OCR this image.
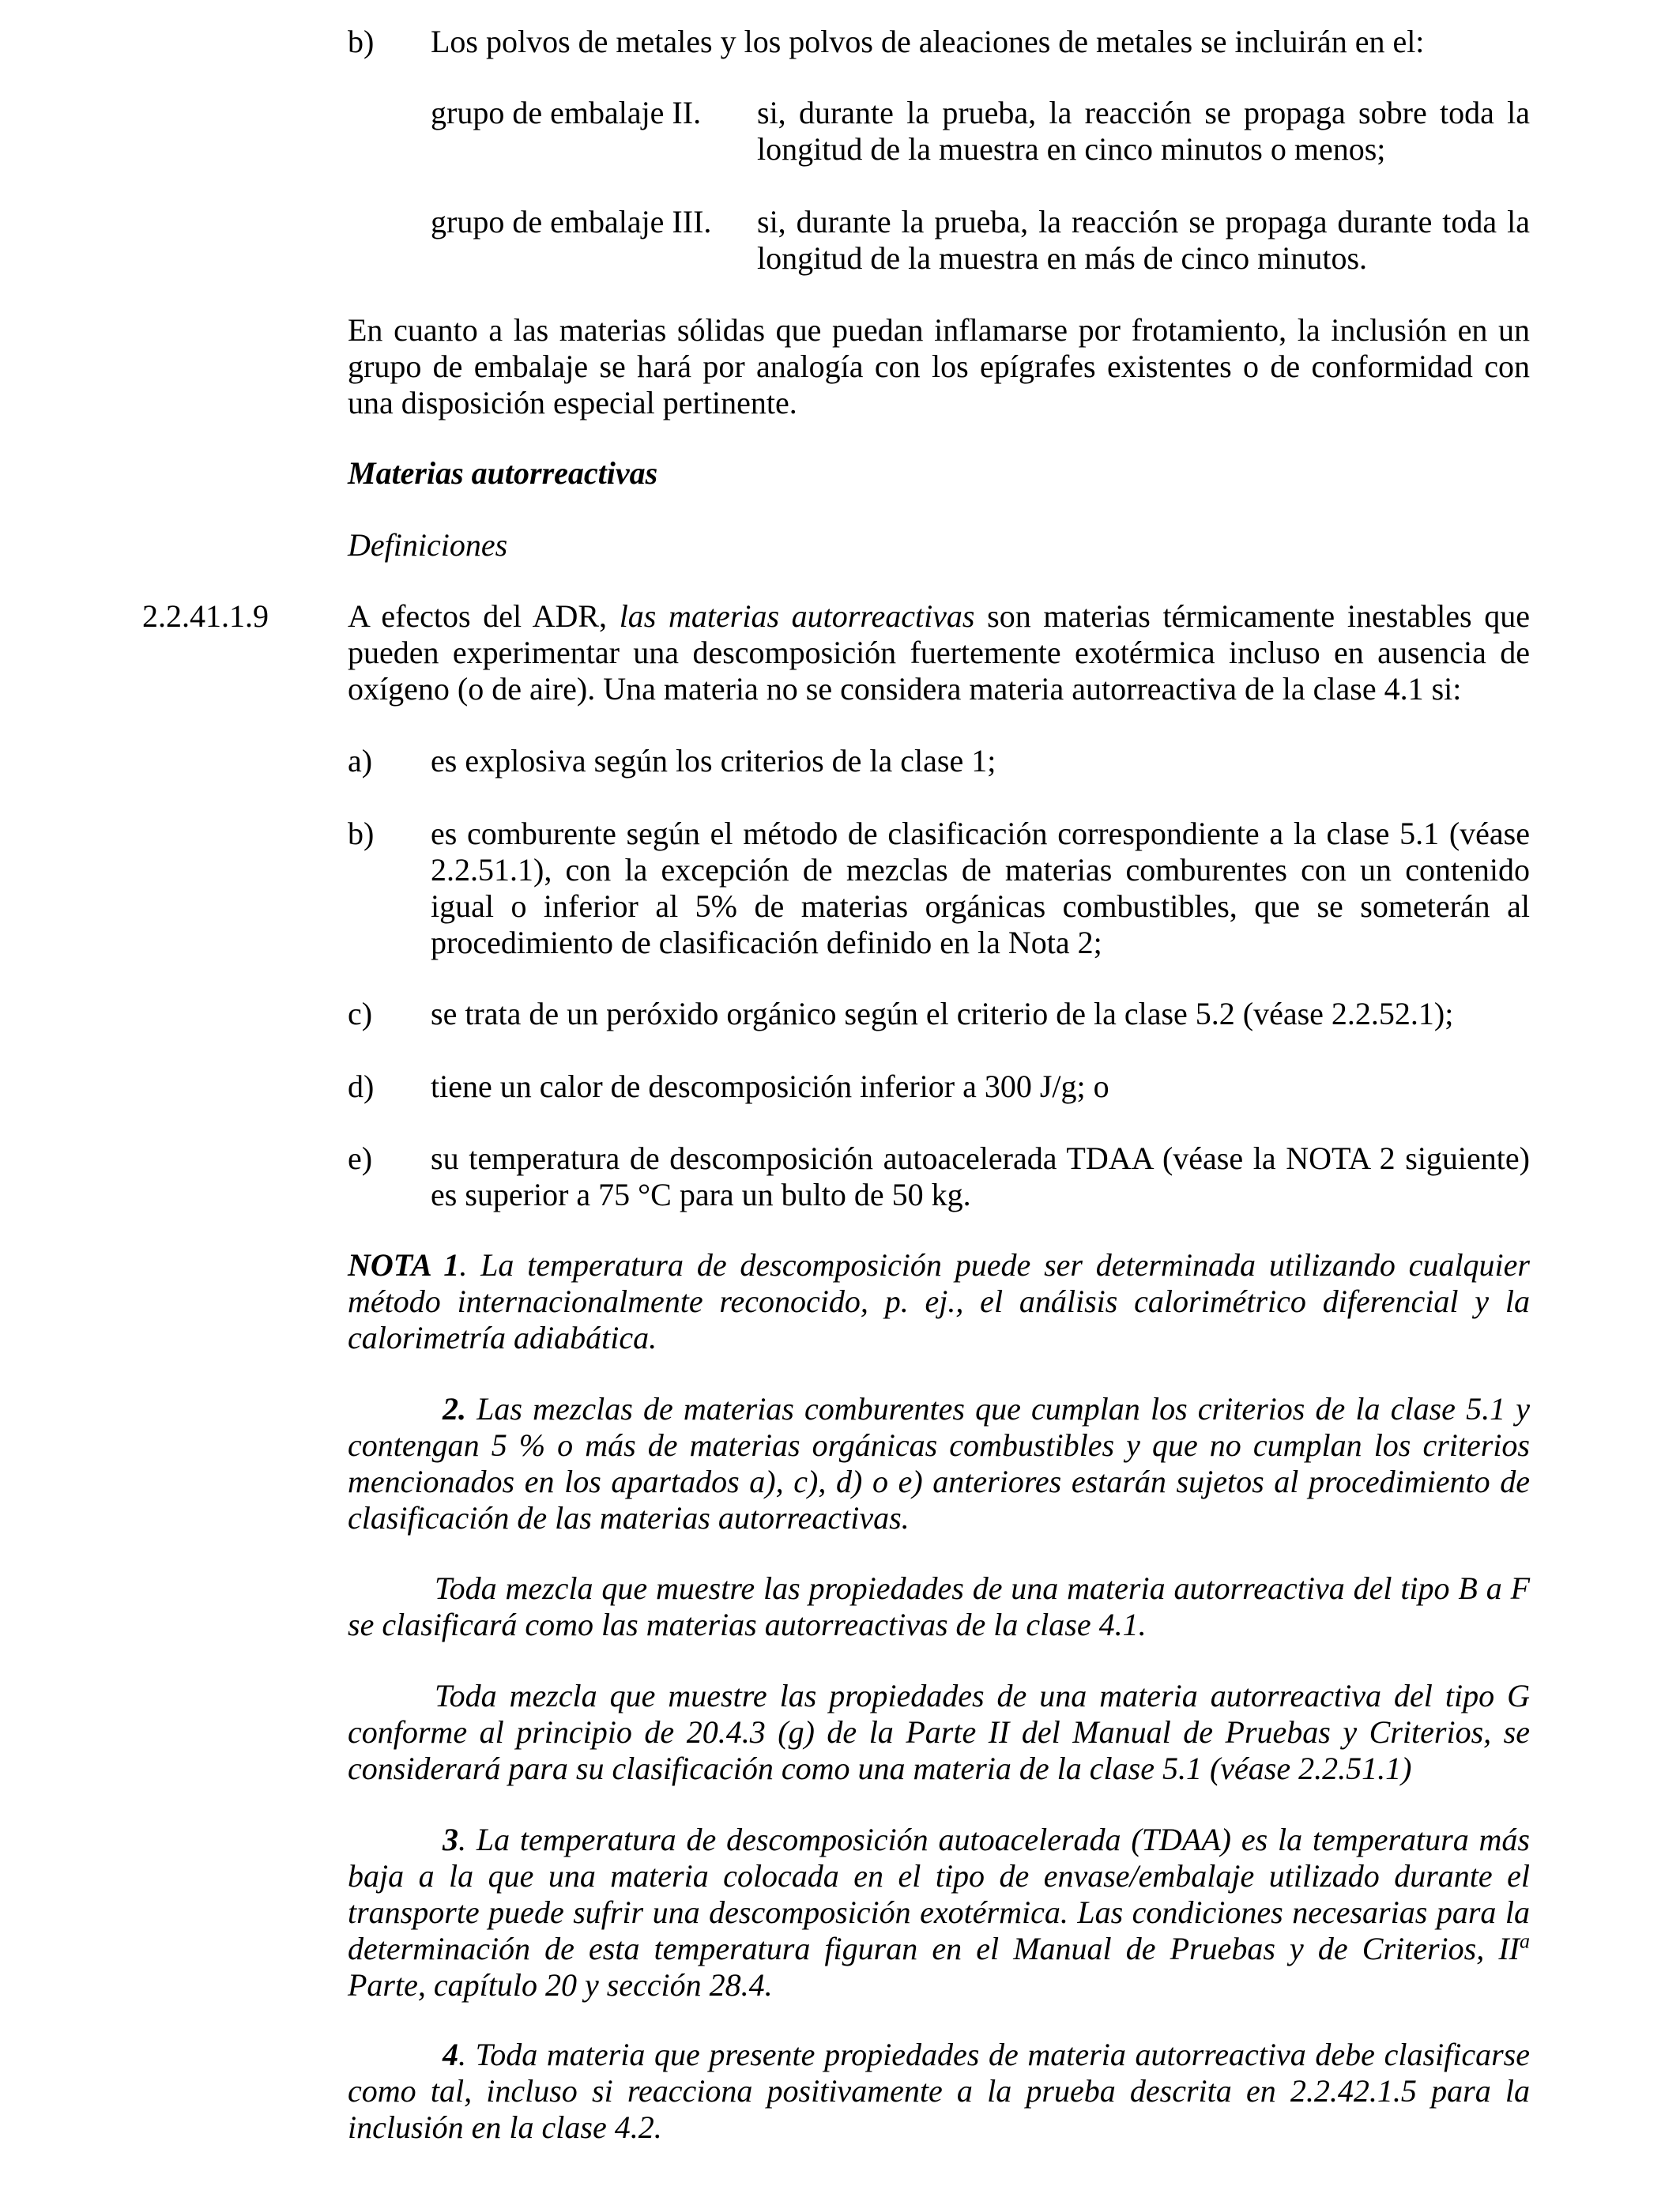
b)	Los polvos de metales y los polvos de aleaciones de metales se incluirán en el:

grupo de embalaje II.	si, durante la prueba, la reacción se propaga sobre toda la longitud de la muestra en cinco minutos o menos;

grupo de embalaje III.	si, durante la prueba, la reacción se propaga durante toda la longitud de la muestra en más de cinco minutos.

En cuanto a las materias sólidas que puedan inflamarse por frotamiento, la inclusión en un grupo de embalaje se hará por analogía con los epígrafes existentes o de conformidad con una disposición especial pertinente.

Materias autorreactivas

Definiciones

2.2.41.1.9	A efectos del ADR, las materias autorreactivas son materias térmicamente inestables que pueden experimentar una descomposición fuertemente exotérmica incluso en ausencia de oxígeno (o de aire). Una materia no se considera materia autorreactiva de la clase 4.1 si:

a)	es explosiva según los criterios de la clase 1;

b)	es comburente según el método de clasificación correspondiente a la clase 5.1 (véase 2.2.51.1), con la excepción de mezclas de materias comburentes con un contenido igual o inferior al 5% de materias orgánicas combustibles, que se someterán al procedimiento de clasificación definido en la Nota 2;

c)	se trata de un peróxido orgánico según el criterio de la clase 5.2 (véase 2.2.52.1);

d)	tiene un calor de descomposición inferior a 300 J/g; o

e)	su temperatura de descomposición autoacelerada TDAA (véase la NOTA 2 siguiente) es superior a 75 °C para un bulto de 50 kg.

NOTA 1. La temperatura de descomposición puede ser determinada utilizando cualquier método internacionalmente reconocido, p. ej., el análisis calorimétrico diferencial y la calorimetría adiabática.

2. Las mezclas de materias comburentes que cumplan los criterios de la clase 5.1 y contengan 5 % o más de materias orgánicas combustibles y que no cumplan los criterios mencionados en los apartados a), c), d) o e) anteriores estarán sujetos al procedimiento de clasificación de las materias autorreactivas.

Toda mezcla que muestre las propiedades de una materia autorreactiva del tipo B a F se clasificará como las materias autorreactivas de la clase 4.1.

Toda mezcla que muestre las propiedades de una materia autorreactiva del tipo G conforme al principio de 20.4.3 (g) de la Parte II del Manual de Pruebas y Criterios, se considerará para su clasificación como una materia de la clase 5.1 (véase 2.2.51.1)

3. La temperatura de descomposición autoacelerada (TDAA) es la temperatura más baja a la que una materia colocada en el tipo de envase/embalaje utilizado durante el transporte puede sufrir una descomposición exotérmica. Las condiciones necesarias para la determinación de esta temperatura figuran en el Manual de Pruebas y de Criterios, $II^a$ Parte, capítulo 20 y sección 28.4.

4. Toda materia que presente propiedades de materia autorreactiva debe clasificarse como tal, incluso si reacciona positivamente a la prueba descrita en 2.2.42.1.5 para la inclusión en la clase 4.2.
